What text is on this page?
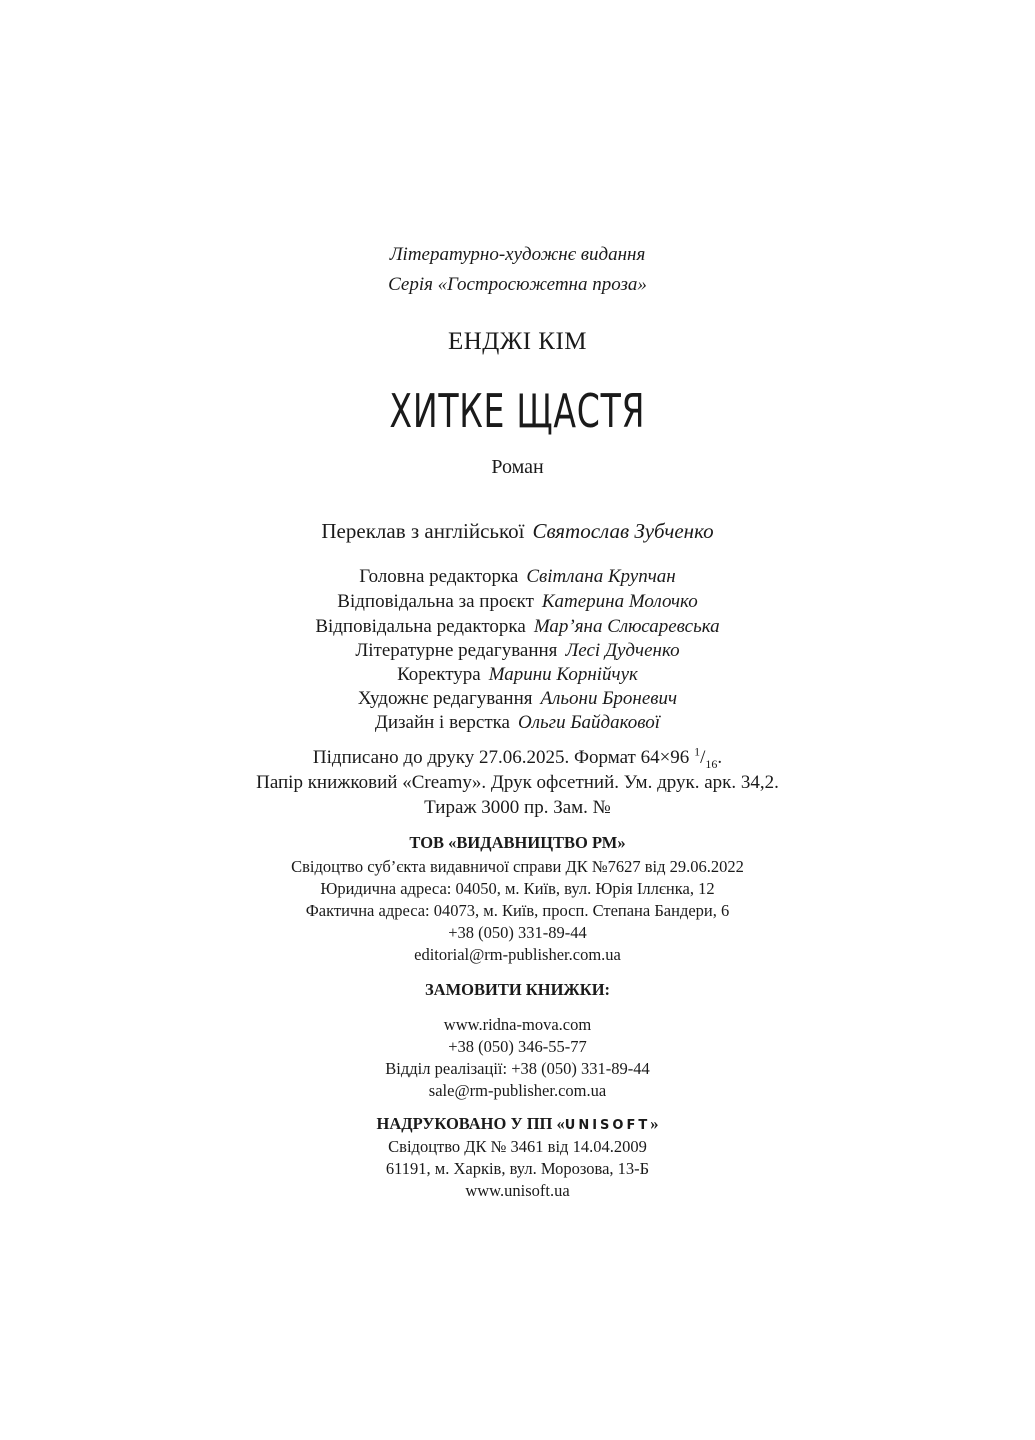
Літературно-художнє видання
Серія «Гостросюжетна проза»
ЕНДЖІ КІМ
ХИТКЕ ЩАСТЯ
Роман
Переклав з англійської Святослав Зубченко
Головна редакторка Світлана Крупчан
Відповідальна за проєкт Катерина Молочко
Відповідальна редакторка Мар’яна Слюсаревська
Літературне редагування Лесі Дудченко
Коректура Марини Корнійчук
Художнє редагування Альони Броневич
Дизайн і верстка Ольги Байдакової
Підписано до друку 27.06.2025. Формат 64×96 $^1/_{16}$.
Папір книжковий «Creamy». Друк офсетний. Ум. друк. арк. 34,2.
Тираж 3000 пр. Зам. №
ТОВ «ВИДАВНИЦТВО РМ»
Свідоцтво суб’єкта видавничої справи ДК №7627 від 29.06.2022
Юридична адреса: 04050, м. Київ, вул. Юрія Іллєнка, 12
Фактична адреса: 04073, м. Київ, просп. Степана Бандери, 6
+38 (050) 331-89-44
editorial@rm-publisher.com.ua
ЗАМОВИТИ КНИЖКИ:
www.ridna-mova.com
+38 (050) 346-55-77
Відділ реалізації: +38 (050) 331-89-44
sale@rm-publisher.com.ua
НАДРУКОВАНО У ПП «UNISOFT»
Свідоцтво ДК № 3461 від 14.04.2009
61191, м. Харків, вул. Морозова, 13-Б
www.unisoft.ua
